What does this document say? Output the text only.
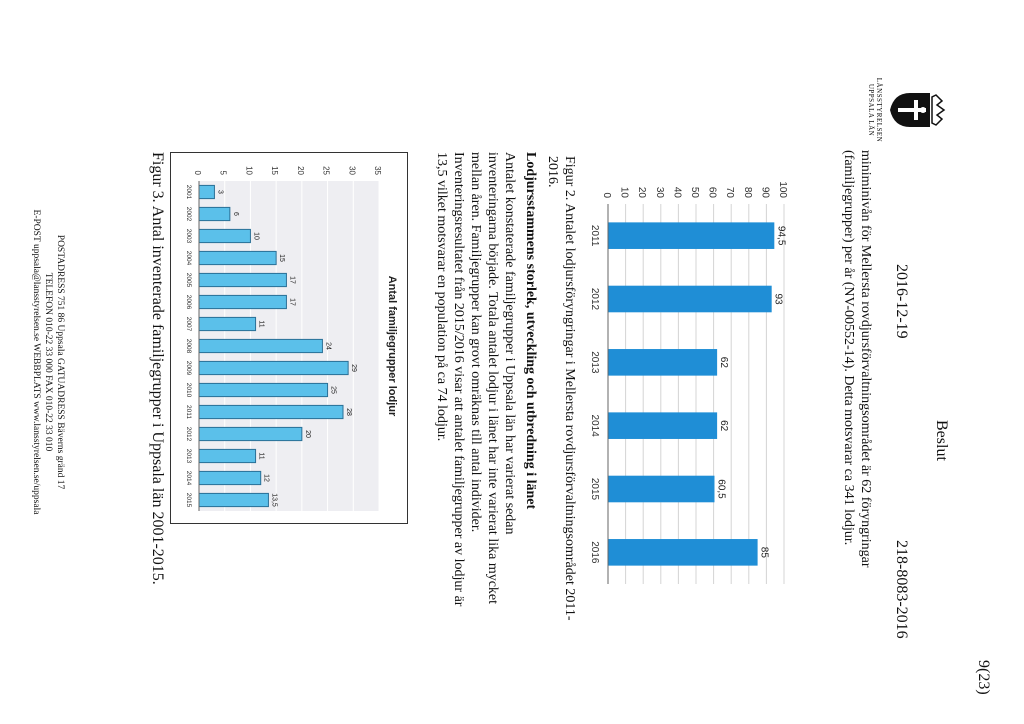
LÄNSSTYRELSEN
UPPSALA LÄN
Beslut
9(23)
2016-12-19
218-8083-2016
miniminivån för Mellersta rovdjursförvaltningsområdet är 62 föryngringar (familjegrupper) per år (NV-00552-14). Detta motsvarar ca 341 lodjur.
0 10 20 30 40 50 60 70 80 90 100
94,5
2011
93
2012
62
2013
62
2014
60,5
2015
85
2016
Figur 2. Antalet lodjursföryngringar i Mellersta rovdjursförvaltningsområdet 2011-2016.
Lodjursstammens storlek, utveckling och utbredning i länet
Antalet konstaterade familjegrupper i Uppsala län har varierat sedan inventeringarna började. Totala antalet lodjur i länet har inte varierat lika mycket mellan åren. Familjegrupper kan grovt omräknas till antal individer. Inventeringsresultatet från 2015/2016 visar att antalet familjegrupper av lodjur är 13,5 vilket motsvarar en population på ca 74 lodjur.
Antal familjegrupper lodjur
0 5 10 15 20 25 30 35
3
2001
6
2002
10
2003
15
2004
17
2005
17
2006
11
2007
24
2008
29
2009
25
2010
28
2011
20
2012
11
2013
12
2014
13,5
2015
Figur 3. Antal inventerade familjegrupper i Uppsala län 2001-2015.
POSTADRESS 751 86 Uppsala GATUADRESS Bäverns gränd 17
TELEFON 010-22 33 000 FAX 010-22 33 010
E-POST uppsala@lansstyrelsen.se WEBBPLATS www.lansstyrelsen.se/uppsala
